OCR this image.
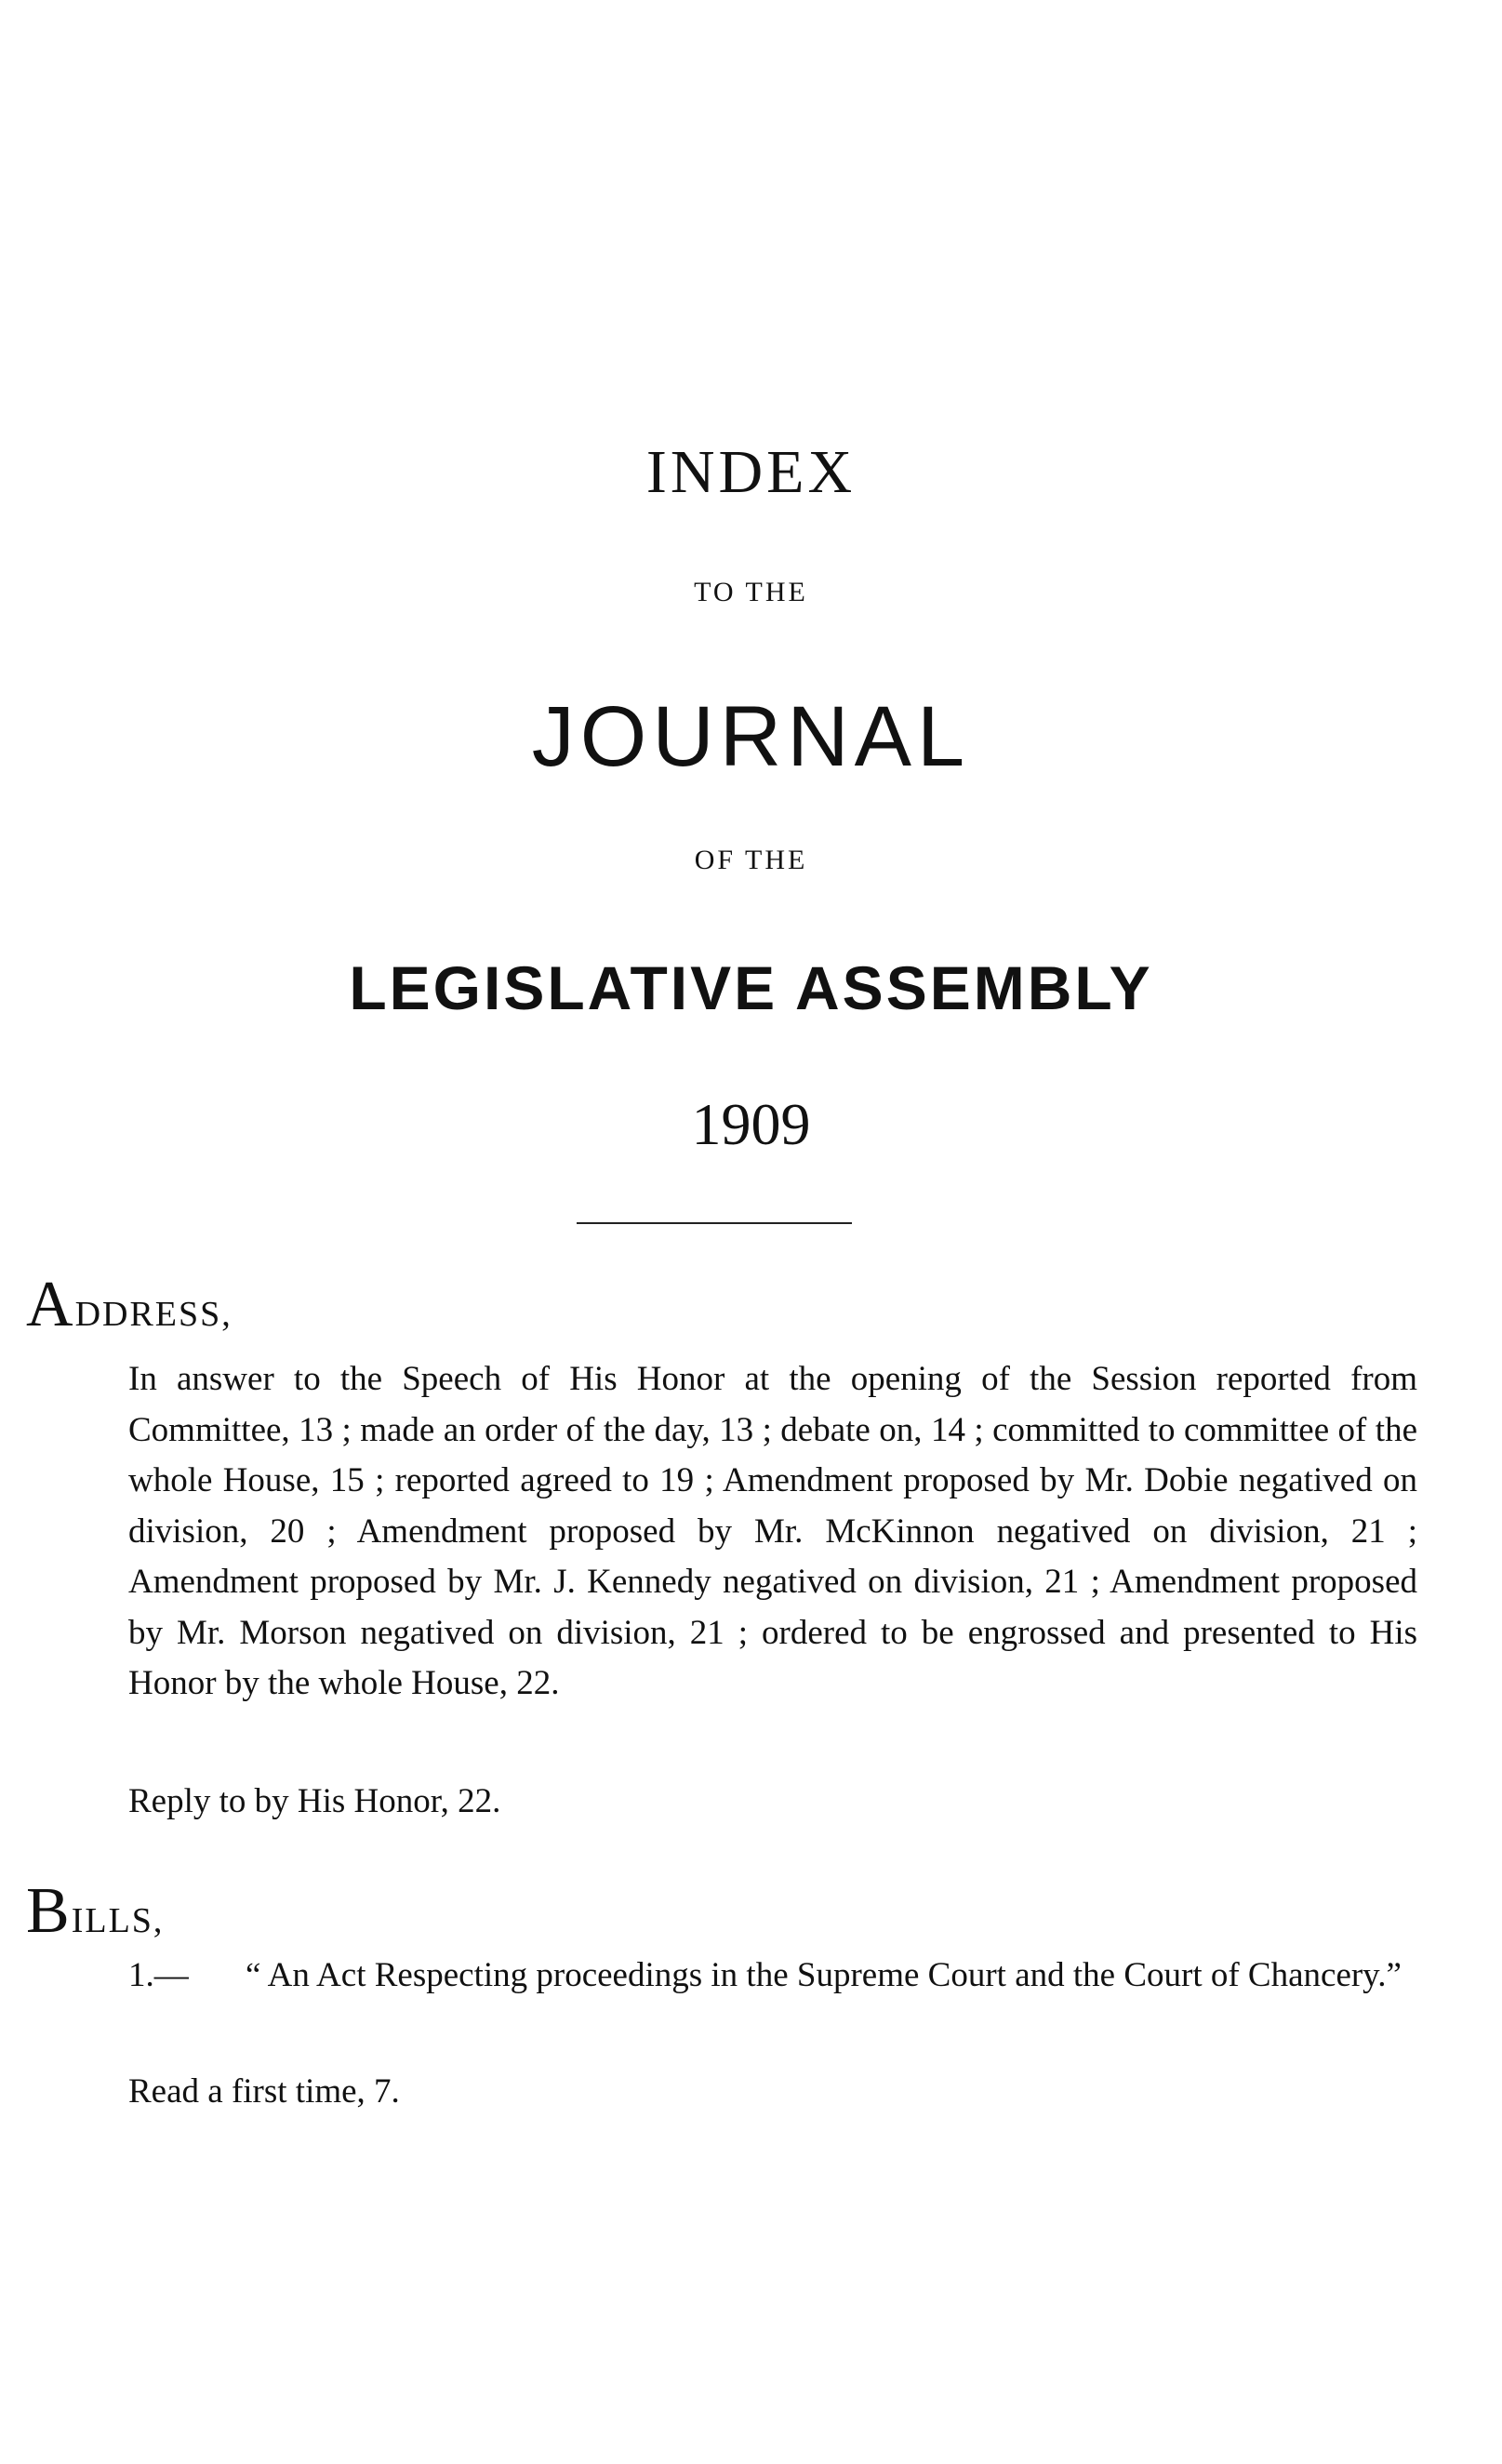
INDEX
TO THE
JOURNAL
OF THE
LEGISLATIVE ASSEMBLY
1909
ADDRESS,

In answer to the Speech of His Honor at the opening of the Session reported from Committee, 13 ; made an order of the day, 13 ; debate on, 14 ; committed to committee of the whole House, 15 ; reported agreed to 19 ; Amendment proposed by Mr. Dobie negatived on division, 20 ; Amendment proposed by Mr. McKinnon negatived on division, 21 ; Amendment proposed by Mr. J. Kennedy negatived on division, 21 ; Amendment proposed by Mr. Morson negatived on division, 21 ; ordered to be engrossed and presented to His Honor by the whole House, 22.

Reply to by His Honor, 22.

BILLS,

1.— “ An Act Respecting proceedings in the Supreme Court and the Court of Chancery.”

Read a first time, 7.
